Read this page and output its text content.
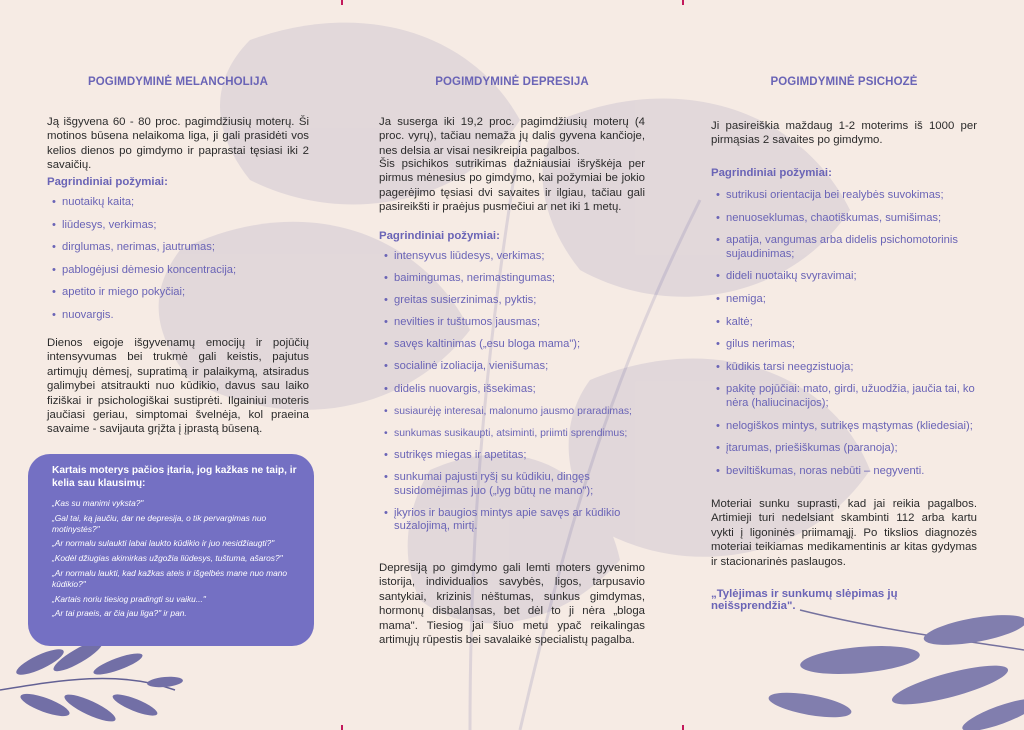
POGIMDYMINĖ MELANCHOLIJA

Ją išgyvena 60 - 80 proc. pagimdžiusių moterų. Ši motinos būsena nelaikoma liga, ji gali prasidėti vos kelios dienos po gimdymo ir paprastai tęsiasi iki 2 savaičių.

Pagrindiniai požymiai:

• nuotaikų kaita;
• liūdesys, verkimas;
• dirglumas, nerimas, jautrumas;
• pablogėjusi dėmesio koncentracija;
• apetito ir miego pokyčiai;
• nuovargis.

Dienos eigoje išgyvenamų emocijų ir pojūčių intensyvumas bei trukmė gali keistis, pajutus artimųjų dėmesį, supratimą ir palaikymą, atsiradus galimybei atsitraukti nuo kūdikio, davus sau laiko fiziškai ir psichologiškai sustiprėti. Ilgainiui moteris jaučiasi geriau, simptomai švelnėja, kol praeina savaime - savijauta grįžta į įprastą būseną.

Kartais moterys pačios įtaria, jog kažkas ne taip, ir kelia sau klausimų:

„Kas su manimi vyksta?"

„Gal tai, ką jaučiu, dar ne depresija, o tik pervargimas nuo motinystės?"

„Ar normalu sulaukti labai laukto kūdikio ir juo nesidžiaugti?"

„Kodėl džiugias akimirkas užgožia liūdesys, tuštuma, ašaros?"

„Ar normalu laukti, kad kažkas ateis ir išgelbės mane nuo mano kūdikio?"

„Kartais noriu tiesiog pradingti su vaiku..."

„Ar tai praeis, ar čia jau liga?" ir pan.

POGIMDYMINĖ DEPRESIJA

Ja suserga iki 19,2 proc. pagimdžiusių moterų (4 proc. vyrų), tačiau nemaža jų dalis gyvena kančioje, nes delsia ar visai nesikreipia pagalbos.

Šis psichikos sutrikimas dažniausiai išryškėja per pirmus mėnesius po gimdymo, kai požymiai be jokio pagerėjimo tęsiasi dvi savaites ir ilgiau, tačiau gali pasireikšti ir praėjus pusmečiui ar net iki 1 metų.

Pagrindiniai požymiai:

• intensyvus liūdesys, verkimas;
• baimingumas, nerimastingumas;
• greitas susierzinimas, pyktis;
• nevilties ir tuštumos jausmas;
• savęs kaltinimas („esu bloga mama");
• socialinė izoliacija, vienišumas;
• didelis nuovargis, išsekimas;
• susiaurėję interesai, malonumo jausmo praradimas;
• sunkumas susikaupti, atsiminti, priimti sprendimus;
• sutrikęs miegas ir apetitas;
• sunkumai pajusti ryšį su kūdikiu, dingęs susidomėjimas juo („lyg būtų ne mano");
• įkyrios ir baugios mintys apie savęs ar kūdikio sužalojimą, mirtį.

Depresiją po gimdymo gali lemti moters gyvenimo istorija, individualios savybės, ligos, tarpusavio santykiai, krizinis nėštumas, sunkus gimdymas, hormonų disbalansas, bet dėl to ji nėra „bloga mama". Tiesiog jai šiuo metu ypač reikalingas artimųjų rūpestis bei savalaikė specialistų pagalba.

POGIMDYMINĖ PSICHOZĖ

Ji pasireiškia maždaug 1-2 moterims iš 1000 per pirmąsias 2 savaites po gimdymo.

Pagrindiniai požymiai:

• sutrikusi orientacija bei realybės suvokimas;
• nenuoseklumas, chaotiškumas, sumišimas;
• apatija, vangumas arba didelis psichomotorinis sujaudinimas;
• dideli nuotaikų svyravimai;
• nemiga;
• kaltė;
• gilus nerimas;
• kūdikis tarsi neegzistuoja;
• pakitę pojūčiai: mato, girdi, užuodžia, jaučia tai, ko nėra (haliucinacijos);
• nelogiškos mintys, sutrikęs mąstymas (kliedesiai);
• įtarumas, priešiškumas (paranoja);
• beviltiškumas, noras nebūti – negyventi.

Moteriai sunku suprasti, kad jai reikia pagalbos. Artimieji turi nedelsiant skambinti 112 arba kartu vykti į ligoninės priimamąjį. Po tikslios diagnozės moteriai teikiamas medikamentinis ar kitas gydymas ir stacionarinės paslaugos.

„Tylėjimas ir sunkumų slėpimas jų neišsprendžia".
